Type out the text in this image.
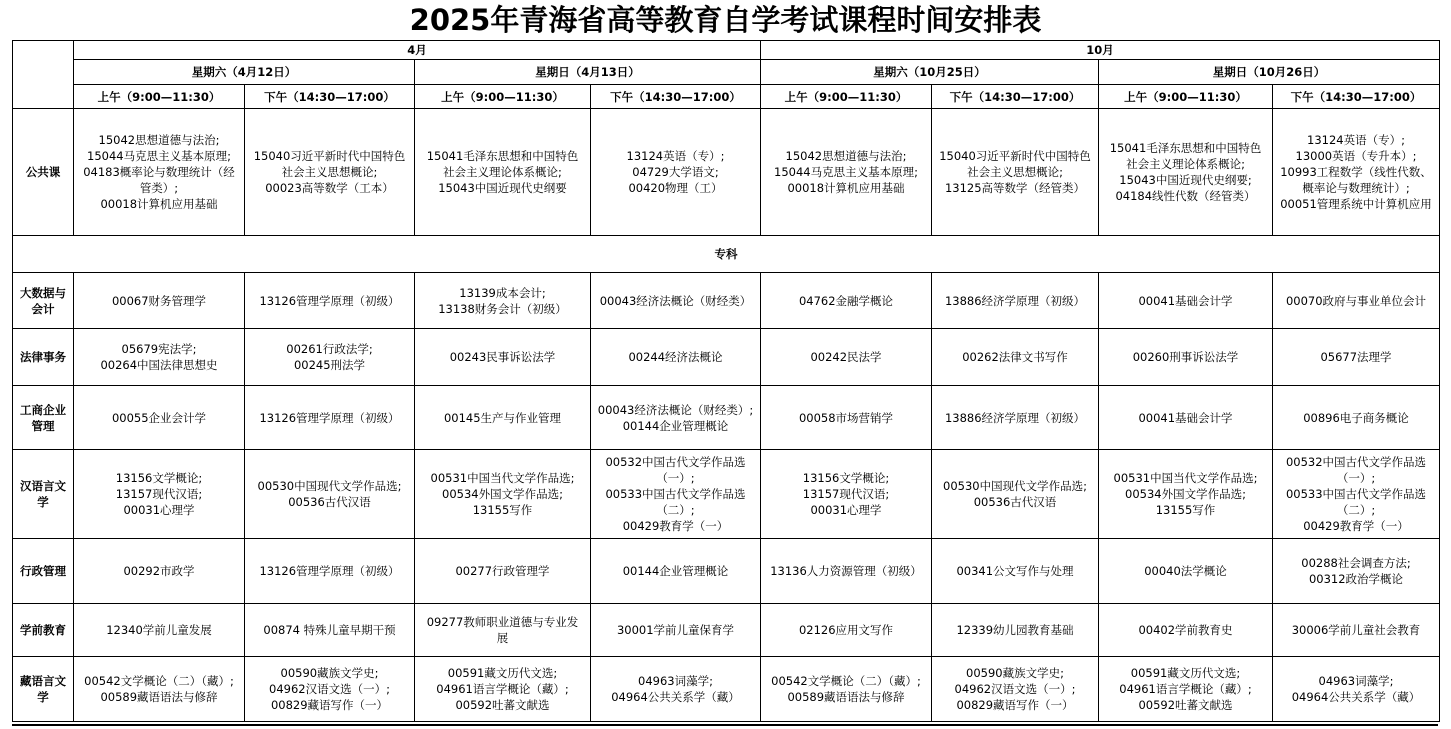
2025年青海省高等教育自学考试课程时间安排表
	4月				10月			
	星期六（4月12日）		星期日（4月13日）		星期六（10月25日）		星期日（10月26日）	
	上午（9:00—11:30）	下午（14:30—17:00）	上午（9:00—11:30）	下午（14:30—17:00）	上午（9:00—11:30）	下午（14:30—17:00）	上午（9:00—11:30）	下午（14:30—17:00）
公共课	15042思想道德与法治;
15044马克思主义基本原理;
04183概率论与数理统计（经
管类）;
00018计算机应用基础	15040习近平新时代中国特色
社会主义思想概论;
00023高等数学（工本）	15041毛泽东思想和中国特色
社会主义理论体系概论;
15043中国近现代史纲要	13124英语（专）;
04729大学语文;
00420物理（工）	15042思想道德与法治;
15044马克思主义基本原理;
00018计算机应用基础	15040习近平新时代中国特色
社会主义思想概论;
13125高等数学（经管类）	15041毛泽东思想和中国特色
社会主义理论体系概论;
15043中国近现代史纲要;
04184线性代数（经管类）	13124英语（专）;
13000英语（专升本）;
10993工程数学（线性代数、
概率论与数理统计）;
00051管理系统中计算机应用

专科								

大数据与
会计	00067财务管理学	13126管理学原理（初级）	13139成本会计;
13138财务会计（初级）	00043经济法概论（财经类）	04762金融学概论	13886经济学原理（初级）	00041基础会计学	00070政府与事业单位会计

法律事务	05679宪法学;
00264中国法律思想史	00261行政法学;
00245刑法学	00243民事诉讼法学	00244经济法概论	00242民法学	00262法律文书写作	00260刑事诉讼法学	05677法理学

工商企业
管理	00055企业会计学	13126管理学原理（初级）	00145生产与作业管理	00043经济法概论（财经类）;
00144企业管理概论	00058市场营销学	13886经济学原理（初级）	00041基础会计学	00896电子商务概论

汉语言文
学	13156文学概论;
13157现代汉语;
00031心理学	00530中国现代文学作品选;
00536古代汉语	00531中国当代文学作品选;
00534外国文学作品选;
13155写作	00532中国古代文学作品选
（一）;
00533中国古代文学作品选
（二）;
00429教育学（一）	13156文学概论;
13157现代汉语;
00031心理学	00530中国现代文学作品选;
00536古代汉语	00531中国当代文学作品选;
00534外国文学作品选;
13155写作	00532中国古代文学作品选
（一）;
00533中国古代文学作品选
（二）;
00429教育学（一）

行政管理	00292市政学	13126管理学原理（初级）	00277行政管理学	00144企业管理概论	13136人力资源管理（初级）	00341公文写作与处理	00040法学概论	00288社会调查方法;
00312政治学概论

学前教育	12340学前儿童发展	00874 特殊儿童早期干预	09277教师职业道德与专业发
展	30001学前儿童保育学	02126应用文写作	12339幼儿园教育基础	00402学前教育史	30006学前儿童社会教育

藏语言文
学	00542文学概论（二）（藏）;
00589藏语语法与修辞	00590藏族文学史;
04962汉语文选（一）;
00829藏语写作（一）	00591藏文历代文选;
04961语言学概论（藏）;
00592吐蕃文献选	04963词藻学;
04964公共关系学（藏）	00542文学概论（二）（藏）;
00589藏语语法与修辞	00590藏族文学史;
04962汉语文选（一）;
00829藏语写作（一）	00591藏文历代文选;
04961语言学概论（藏）;
00592吐蕃文献选	04963词藻学;
04964公共关系学（藏）
